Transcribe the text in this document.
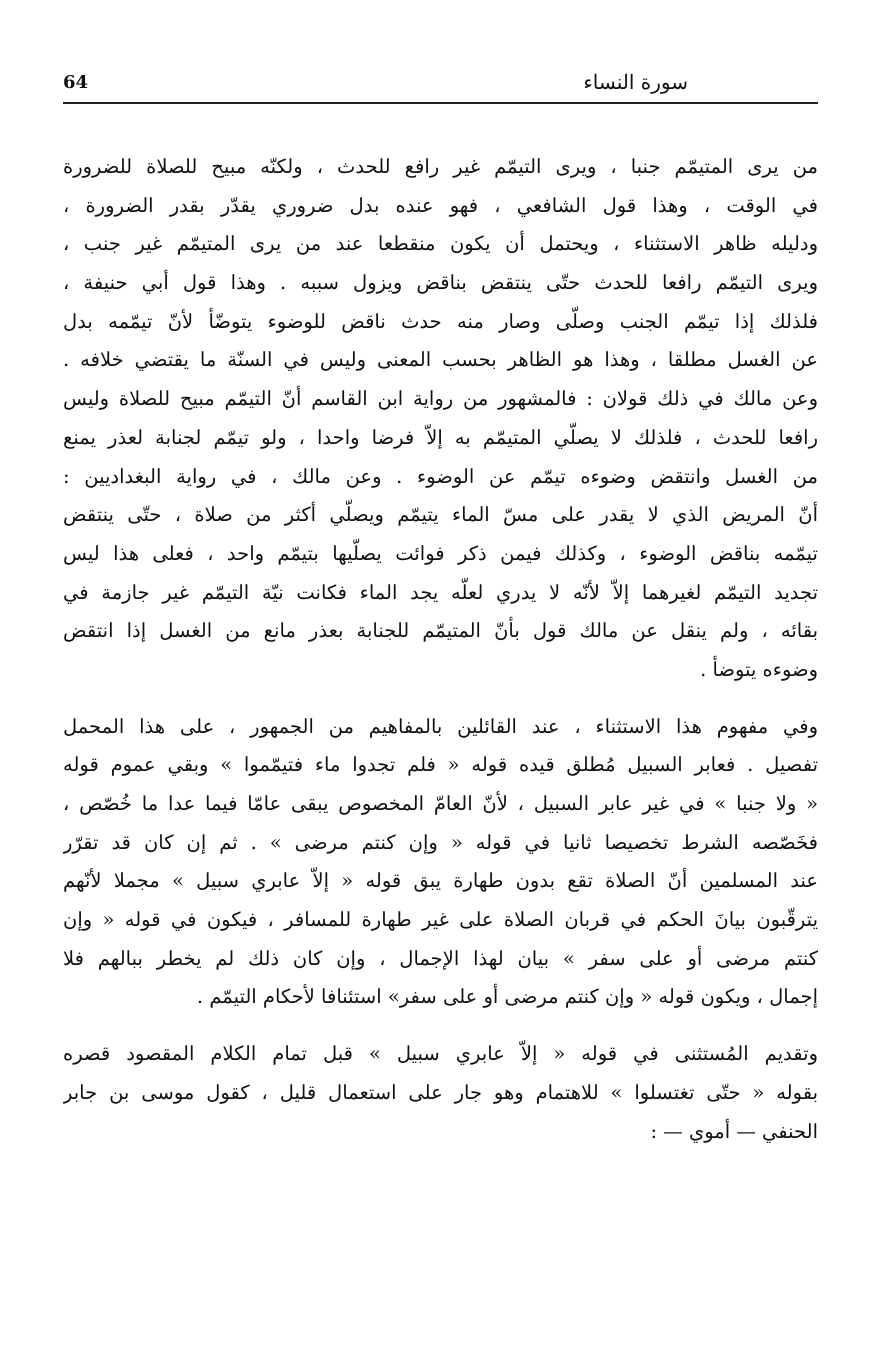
64	سورة النساء
من يرى المتيمّم جنبا ، ويرى التيمّم غير رافع للحدث ، ولكنّه مبيح للصلاة للضرورة
في الوقت ، وهذا قول الشافعي ، فهو عنده بدل ضروري يقدّر بقدر الضرورة ،
ودليله ظاهر الاستثناء ، ويحتمل أن يكون منقطعا عند من يرى المتيمّم غير جنب ،
ويرى التيمّم رافعا للحدث حتّى ينتقض بناقض ويزول سببه . وهذا قول أبي حنيفة ،
فلذلك إذا تيمّم الجنب وصلّى وصار منه حدث ناقض للوضوء يتوضّأ لأنّ تيمّمه بدل
عن الغسل مطلقا ، وهذا هو الظاهر بحسب المعنى وليس في السنّة ما يقتضي خلافه .
وعن مالك في ذلك قولان : فالمشهور من رواية ابن القاسم أنّ التيمّم مبيح للصلاة وليس
رافعا للحدث ، فلذلك لا يصلّي المتيمّم به إلاّ فرضا واحدا ، ولو تيمّم لجنابة لعذر يمنع
من الغسل وانتقض وضوءه تيمّم عن الوضوء . وعن مالك ، في رواية البغداديين :
أنّ المريض الذي لا يقدر على مسّ الماء يتيمّم ويصلّي أكثر من صلاة ، حتّى ينتقض
تيمّمه بناقض الوضوء ، وكذلك فيمن ذكر فوائت يصلّيها بتيمّم واحد ، فعلى هذا ليس
تجديد التيمّم لغيرهما إلاّ لأنّه لا يدري لعلّه يجد الماء فكانت نيّة التيمّم غير جازمة في
بقائه ، ولم ينقل عن مالك قول بأنّ المتيمّم للجنابة بعذر مانع من الغسل إذا انتقض
وضوءه يتوضأ .
وفي مفهوم هذا الاستثناء ، عند القائلين بالمفاهيم من الجمهور ، على هذا المحمل
تفصيل . فعابر السبيل مُطلق قيده قوله « فلم تجدوا ماء فتيمّموا » وبقي عموم قوله
« ولا جنبا » في غير عابر السبيل ، لأنّ العامّ المخصوص يبقى عامّا فيما عدا ما خُصّص ،
فخَصّصه الشرط تخصيصا ثانيا في قوله « وإن كنتم مرضى » . ثم إن كان قد تقرّر
عند المسلمين أنّ الصلاة تقع بدون طهارة يبق قوله « إلاّ عابري سبيل » مجملا لأنّهم
يترقّبون بيانَ الحكم في قربان الصلاة على غير طهارة للمسافر ، فيكون في قوله « وإن
كنتم مرضى أو على سفر » بيان لهذا الإجمال ، وإن كان ذلك لم يخطر ببالهم فلا
إجمال ، ويكون قوله « وإن كنتم مرضى أو على سفر» استئنافا لأحكام التيمّم .
وتقديم المُستثنى في قوله « إلاّ عابري سبيل » قبل تمام الكلام المقصود قصره
بقوله « حتّى تغتسلوا » للاهتمام وهو جار على استعمال قليل ، كقول موسى بن جابر
الحنفي — أموي — :
